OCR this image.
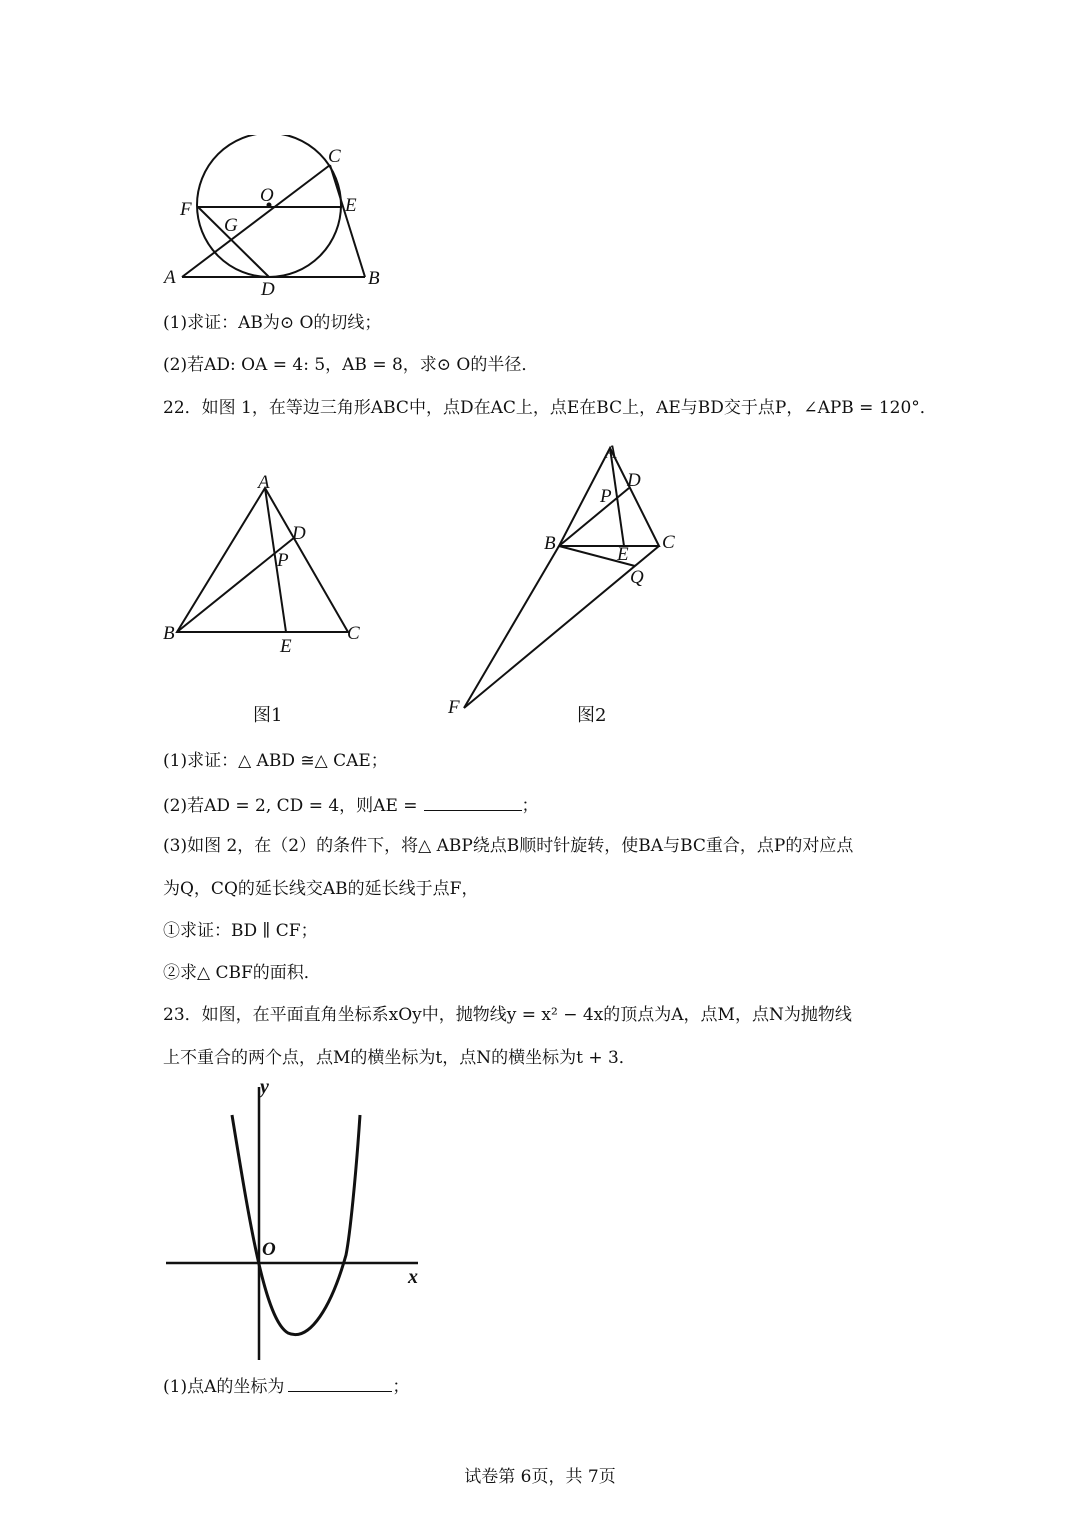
C
O
F	E
G
A	B
D
(1)求证：AB为⊙ O的切线；
(2)若AD: OA = 4: 5，AB = 8，求⊙ O的半径．
22．如图 1，在等边三角形ABC中，点D在AC上，点E在BC上，AE与BD交于点P，∠APB = 120°．
A
D
P
B	C
E
A
D
P
B	C
E
Q
F
图1	图2
(1)求证：△ ABD ≅△ CAE；
(2)若AD = 2, CD = 4，则AE =	；
(3)如图 2，在（2）的条件下，将△ ABP绕点B顺时针旋转，使BA与BC重合，点P的对应点
为Q，CQ的延长线交AB的延长线于点F，
①求证：BD ∥ CF；
②求△ CBF的面积．
23．如图，在平面直角坐标系xOy中，抛物线y = x² − 4x的顶点为A，点M，点N为抛物线
上不重合的两个点，点M的横坐标为t，点N的横坐标为t + 3．
y
x
O
(1)点A的坐标为	；
试卷第 6页，共 7页
